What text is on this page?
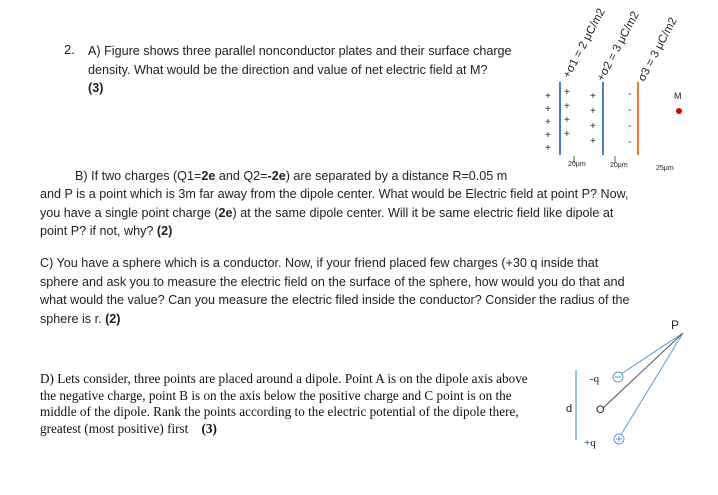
2. A) Figure shows three parallel nonconductor plates and their surface charge density. What would be the direction and value of net electric field at M?
(3)
B) If two charges (Q1=2e and Q2=-2e) are separated by a distance R=0.05 m
and P is a point which is 3m far away from the dipole center. What would be Electric field at point P? Now, you have a single point charge (2e) at the same dipole center. Will it be same electric field like dipole at point P? if not, why? (2)
C) You have a sphere which is a conductor. Now, if your friend placed few charges (+30 q inside that sphere and ask you to measure the electric field on the surface of the sphere, how would you do that and what would the value? Can you measure the electric filed inside the conductor? Consider the radius of the sphere is r. (2)
D) Lets consider, three points are placed around a dipole. Point A is on the dipole axis above the negative charge, point B is on the axis below the positive charge and C point is on the middle of the dipole. Rank the points according to the electric potential of the dipole there, greatest (most positive) first (3)
+σ1 = 2 μC/m2
+σ2 = 3 μC/m2
σ3 = 3 μC/m2
+
+
+
+
+
+
+
+
+
+
+
+
+
-
-
-
-
M
20μm	20μm	25μm
-q
O
d
+q
P
